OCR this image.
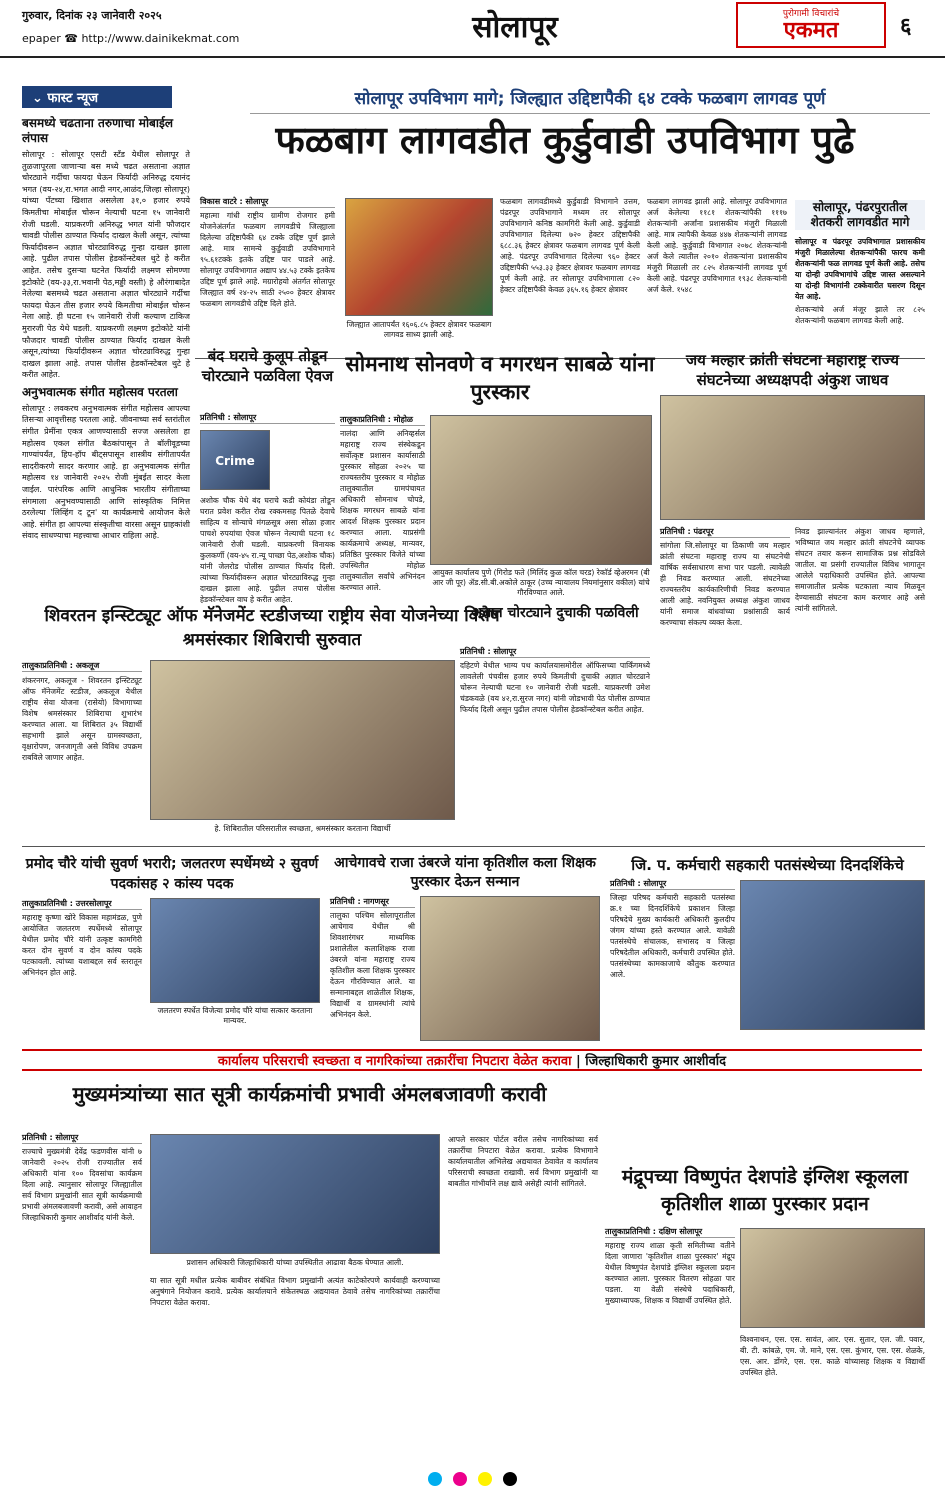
गुरुवार, दिनांक २३ जानेवारी २०२५
epaper ☎ http://www.dainikekmat.com	सोलापूर	पुरोगामी विचारांचे
एकमत	६
⌄ फास्ट न्यूज
बसमध्ये चढताना तरुणाचा मोबाईल लंपास

सोलापूर : सोलापूर एसटी स्टँड येथील सोलापूर ते तुळजापूरला जाणाऱ्या बस मध्ये चढत असताना अज्ञात चोरट्याने गर्दीचा फायदा घेऊन फिर्यादी अनिरुद्ध दयानंद भगत (वय-२४,रा.भगत आदी नगर,आळंद,जिल्हा सोलापूर) यांच्या पँटच्या खिशात असलेला ३१,० हजार रुपये किमतीचा मोबाईल चोरून नेल्याची घटना १५ जानेवारी रोजी घडली. याप्रकरणी अनिरुद्ध भगत यांनी फौजदार चावडी पोलीस ठाण्यात फिर्याद दाखल केली असून, त्यांच्या फिर्यादीवरून अज्ञात चोरट्याविरुद्ध गुन्हा दाखल झाला आहे. पुढील तपास पोलीस हेडकॉन्स्टेबल थुटे हे करीत आहेत. तसेच दुसऱ्या घटनेत फिर्यादी लक्ष्मण सोमण्णा इटोकोटे (वय-३३,रा.भवानी पेठ,मड्डी वस्ती) हे औरंगाबादेत नेलेल्या बसमध्ये चढत असताना अज्ञात चोरट्याने गर्दीचा फायदा घेऊन तीस हजार रुपये किमतीचा मोबाईल चोरून नेला आहे. ही घटना १५ जानेवारी रोजी कल्याण टाकिज मुरारजी पेठ येथे घडली. याप्रकरणी लक्ष्मण इटोकोटे यांनी फौजदार चावडी पोलीस ठाण्यात फिर्याद दाखल केली असून,त्यांच्या फिर्यादीवरून अज्ञात चोरट्याविरुद्ध गुन्हा दाखल झाला आहे. तपास पोलीस हेडकॉन्स्टेबल थुटे हे करीत आहेत.

अनुभवात्मक संगीत महोत्सव परतला

सोलापूर : लवकरच अनुभवात्मक संगीत महोत्सव आपल्या तिसऱ्या आवृत्तीसह परतला आहे. जीवनाच्या सर्व स्तरांतील संगीत प्रेमींना एकत्र आणण्यासाठी सज्ज असलेला हा महोत्सव एकल संगीत बैठकांपासून ते बॉलीवूडच्या गाण्यांपर्यंत, हिप-हॉप बीट्सपासून शास्त्रीय संगीतापर्यंत सादरीकरणे सादर करणार आहे. हा अनुभवात्मक संगीत महोत्सव १४ जानेवारी २०२५ रोजी मुंबईत सादर केला जाईल. पारंपरिक आणि आधुनिक भारतीय संगीताच्या संगमाला अनुभवण्यासाठी आणि सांस्कृतिक निमित्त ठरलेल्या 'लिव्हिंग द टून' या कार्यक्रमाचे आयोजन केले आहे. संगीत हा आपल्या संस्कृतीचा वारसा असून ग्राहकांशी संवाद साधण्याचा महत्त्वाचा आधार राहिला आहे.

सोलापूर उपविभाग मागे; जिल्ह्यात उद्दिष्टापैकी ६४ टक्के फळबाग लागवड पूर्ण
फळबाग लागवडीत कुर्डुवाडी उपविभाग पुढे
विकास वाटरे : सोलापूर
महात्मा गांधी राष्ट्रीय ग्रामीण रोजगार हमी योजनेअंतर्गत फळबाग लागवडीचे जिल्ह्याला दिलेल्या उद्दिष्टापैकी ६४ टक्के उद्दिष्ट पूर्ण झाले आहे. मात्र सामन्ये कुर्डुवाडी उपविभागाने ९५.६१टक्के इतके उद्दिष्ट पार पाडले आहे. सोलापूर उपविभागात अद्याप ४४.५३ टक्के इतकेच उद्दिष्ट पूर्ण झाले आहे. मग्रारोहयो अंतर्गत सोलापूर जिल्ह्यात वर्ष २४-२५ साठी २५०० हेक्टर क्षेत्रावर फळबाग लागवडीचे उद्दिष्ट दिले होते.
जिल्ह्यात आतापर्यंत १६०६.८५ हेक्टर क्षेत्रावर फळबाग लागवड साध्य झाली आहे.
फळबाग लागवडीमध्ये कुर्डुवाडी विभागाने उत्तम, पंढरपूर उपविभागाने मध्यम तर सोलापूर उपविभागाने कनिष्ठ कामगिरी केली आहे. कुर्डुवाडी उपविभागात दिलेल्या ७२० हेक्टर उद्दिष्टापैकी ६८८.३६ हेक्टर क्षेत्रावर फळबाग लागवड पूर्ण केली आहे. पंढरपूर उपविभागात दिलेल्या ९६० हेक्टर उद्दिष्टापैकी ५५३.३३ हेक्टर क्षेत्रावर फळबाग लागवड पूर्ण केली आहे. तर सोलापूर उपविभागाला ८२० हेक्टर उद्दिष्टापैकी केवळ ३६५.१६ हेक्टर क्षेत्रावर
फळबाग लागवड झाली आहे. सोलापूर उपविभागात अर्ज केलेल्या ११८१ शेतकऱ्यांपैकी १११७ शेतकऱ्यांनी अर्जांना प्रशासकीय मंजुरी मिळाली आहे. मात्र त्यापैकी केवळ ४४७ शेतकऱ्यांनी लागवड केली आहे. कुर्डुवाडी विभागात २०७८ शेतकऱ्यांनी अर्ज केले त्यातील २०१० शेतकऱ्यांना प्रशासकीय मंजुरी मिळाली तर ८२५ शेतकऱ्यांनी लागवड पूर्ण केली आहे. पंढरपूर उपविभागात १९३८ शेतकऱ्यांनी अर्ज केले. १५४८
सोलापूर, पंढरपुरातील शेतकरी लागवडीत मागे
सोलापूर व पंढरपूर उपविभागात प्रशासकीय मंजुरी मिळालेल्या शेतकऱ्यांपैकी फारच कमी शेतकऱ्यांनी फळ लागवड पूर्ण केली आहे. तसेच या दोन्ही उपविभागांचे उद्दिष्ट जास्त असल्याने या दोन्ही विभागांनी टक्केवारीत घसरण दिसून येत आहे.
शेतकऱ्यांचे अर्ज मंजूर झाले तर ८२५ शेतकऱ्यांनी फळबाग लागवड केली आहे.
बंद घराचे कुलूप तोडून चोरट्याने पळविला ऐवज
प्रतिनिधी : सोलापूर
Crime
अशोक चौक येथे बंद घराचे कडी कोयंडा तोडून घरात प्रवेश करीत रोख रक्कमसह पितळे देवाचे साहित्य व सोन्याचे मंगळसूत्र असा सोळा हजार पाचशे रुपयांचा ऐवज चोरून नेल्याची घटना १८ जानेवारी रोजी घडली. याप्रकरणी विनायक कुलकर्णी (वय-४५ रा.न्यू पाच्छा पेठ,अशोक चौक) यांनी जेलरोड पोलीस ठाण्यात फिर्याद दिली. त्यांच्या फिर्यादीवरून अज्ञात चोरट्याविरुद्ध गुन्हा दाखल झाला आहे. पुढील तपास पोलीस हेडकॉन्स्टेबल वाघ हे करीत आहेत.
सोमनाथ सोनवणे व मगरधन साबळे यांना पुरस्कार
तालुकाप्रतिनिधी : मोहोळ
नालंदा आणि अनिव्हर्सल महाराष्ट्र राज्य संस्थेकडून सर्वोत्कृष्ट प्रशासन कार्यासाठी पुरस्कार सोहळा २०२५ चा राज्यस्तरीय पुरस्कार व मोहोळ तालुक्यातील ग्रामपंचायत अधिकारी सोमनाथ चोपडे, शिक्षक मगरधन साबळे यांना आदर्श शिक्षक पुरस्कार प्रदान करण्यात आला. याप्रसंगी कार्यक्रमाचे अध्यक्ष, मान्यवर, प्रतिष्ठित पुरस्कार विजेते यांच्या उपस्थितीत मोहोळ तालुक्यातील सर्वांचे अभिनंदन करण्यात आले.
आयुक्त कार्यालय पुणे (गिरोड फते (मिलिंद कुळ कॉल चरड) रेकॉर्ड व्हेअरमन (बी आर जी पूर) ॲड.सी.बी.अकोले ठाकूर (उच्च न्यायालय नियमांनुसार वकील) यांचे गौरविण्यात आले.
जय मल्हार क्रांती संघटना महाराष्ट्र राज्य संघटनेच्या अध्यक्षपदी अंकुश जाधव
प्रतिनिधी : पंढरपूर
सांगोला जि.सोलापूर या ठिकाणी जय मल्हार क्रांती संघटना महाराष्ट्र राज्य या संघटनेची वार्षिक सर्वसाधारण सभा पार पडली. त्यावेळी ही निवड करण्यात आली. संघटनेच्या राज्यस्तरीय कार्यकारिणीची निवड करण्यात आली आहे. नवनियुक्त अध्यक्ष अंकुश जाधव यांनी समाज बांधवांच्या प्रश्नांसाठी कार्य करण्याचा संकल्प व्यक्त केला.
निवड झाल्यानंतर अंकुश जाधव म्हणाले, भविष्यात जय मल्हार क्रांती संघटनेचे व्यापक संघटन तयार करून सामाजिक प्रश्न सोडविले जातील. या प्रसंगी राज्यातील विविध भागातून आलेले पदाधिकारी उपस्थित होते. आपल्या समाजातील प्रत्येक घटकाला न्याय मिळवून देण्यासाठी संघटना काम करणार आहे असे त्यांनी सांगितले.
शिवरतन इन्स्टिट्यूट ऑफ मॅनेजमेंट स्टडीजच्या राष्ट्रीय सेवा योजनेच्या विशेष श्रमसंस्कार शिबिराची सुरुवात
तालुकाप्रतिनिधी : अकलूज
शंकरनगर, अकलूज - शिवरतन इन्स्टिट्यूट ऑफ मॅनेजमेंट स्टडीज, अकलूज येथील राष्ट्रीय सेवा योजना (रासेयो) विभागाच्या विशेष श्रमसंस्कार शिबिराचा शुभारंभ करण्यात आला. या शिबिरात ३५ विद्यार्थी सहभागी झाले असून ग्रामस्वच्छता, वृक्षारोपण, जनजागृती असे विविध उपक्रम राबविले जाणार आहेत.
हे. शिबिरातील परिसरातील स्वच्छता, श्रमसंस्कार करताना विद्यार्थी
अज्ञात चोरट्याने दुचाकी पळविली
प्रतिनिधी : सोलापूर
दहिटणे येथील भाग्य पथ कार्यालयासमोरील ऑफिसच्या पार्किंगमध्ये लावलेली पंचवीस हजार रुपये किमतीची दुचाकी अज्ञात चोरट्याने चोरून नेल्याची घटना १० जानेवारी रोजी घडली. याप्रकरणी उमेश चंडकवळे (वय ४२,रा.सुरज नगर) यांनी जोडभावी पेठ पोलीस ठाण्यात फिर्याद दिली असून पुढील तपास पोलीस हेडकॉन्स्टेबल करीत आहेत.
प्रमोद चौरे यांची सुवर्ण भरारी; जलतरण स्पर्धेमध्ये २ सुवर्ण पदकांसह २ कांस्य पदक
तालुकाप्रतिनिधी : उत्तरसोलापूर
महाराष्ट्र कृष्णा खोरे विकास महामंडळ, पुणे आयोजित जलतरण स्पर्धेमध्ये सोलापूर येथील प्रमोद चौरे यांनी उत्कृष्ट कामगिरी करत दोन सुवर्ण व दोन कांस्य पदके पटकावली. त्यांच्या यशाबद्दल सर्व स्तरातून अभिनंदन होत आहे.
जलतरण स्पर्धेत विजेत्या प्रमोद चौरे यांचा सत्कार करताना मान्यवर.
आचेगावचे राजा उंबरजे यांना कृतिशील कला शिक्षक पुरस्कार देऊन सन्मान
प्रतिनिधी : नागणसूर
तालुका पश्चिम सोलापूरातील आचेगाव येथील श्री शिवशारंगधर माध्यमिक प्रशालेतील कलाशिक्षक राजा उंबरजे यांना महाराष्ट्र राज्य कृतिशील कला शिक्षक पुरस्कार देऊन गौरविण्यात आले. या सन्मानाबद्दल शाळेतील शिक्षक, विद्यार्थी व ग्रामस्थांनी त्यांचे अभिनंदन केले.
जि. प. कर्मचारी सहकारी पतसंस्थेच्या दिनदर्शिकेचे
प्रतिनिधी : सोलापूर
जिल्हा परिषद कर्मचारी सहकारी पतसंस्था क्र.१ च्या दिनदर्शिकेचे प्रकाशन जिल्हा परिषदेचे मुख्य कार्यकारी अधिकारी कुलदीप जंगम यांच्या हस्ते करण्यात आले. यावेळी पतसंस्थेचे संचालक, सभासद व जिल्हा परिषदेतील अधिकारी, कर्मचारी उपस्थित होते. पतसंस्थेच्या कामकाजाचे कौतुक करण्यात आले.
कार्यालय परिसराची स्वच्छता व नागरिकांच्या तक्रारींचा निपटारा वेळेत करावा | जिल्हाधिकारी कुमार आशीर्वाद
मुख्यमंत्र्यांच्या सात सूत्री कार्यक्रमांची प्रभावी अंमलबजावणी करावी
प्रतिनिधी : सोलापूर
राज्याचे मुख्यमंत्री देवेंद्र फडणवीस यांनी ७ जानेवारी २०२५ रोजी राज्यातील सर्व अधिकारी यांना १०० दिवसांचा कार्यक्रम दिला आहे. त्यानुसार सोलापूर जिल्ह्यातील सर्व विभाग प्रमुखांनी सात सूत्री कार्यक्रमाची प्रभावी अंमलबजावणी करावी, असे आवाहन जिल्हाधिकारी कुमार आशीर्वाद यांनी केले.
प्रशासन अधिकारी जिल्हाधिकारी यांच्या उपस्थितीत आढावा बैठक घेण्यात आली.
या सात सूत्री मधील प्रत्येक बाबीवर संबंधित विभाग प्रमुखांनी अत्यंत काटेकोरपणे कार्यवाही करण्याच्या अनुषंगाने नियोजन करावे. प्रत्येक कार्यालयाने संकेतस्थळ अद्ययावत ठेवावे तसेच नागरिकांच्या तक्रारींचा निपटारा वेळेत करावा.
आपले सरकार पोर्टल वरील तसेच नागरिकांच्या सर्व तक्रारींचा निपटारा वेळेत करावा. प्रत्येक विभागाने कार्यालयातील अभिलेख अद्ययावत ठेवावेत व कार्यालय परिसराची स्वच्छता राखावी. सर्व विभाग प्रमुखांनी या बाबतीत गांभीर्याने लक्ष द्यावे असेही त्यांनी सांगितले.	मंद्रूपच्या विष्णुपंत देशपांडे इंग्लिश स्कूलला कृतिशील शाळा पुरस्कार प्रदान
तालुकाप्रतिनिधी : दक्षिण सोलापूर
महाराष्ट्र राज्य शाळा कृती समितीच्या वतीने दिला जाणारा 'कृतिशील शाळा पुरस्कार' मंद्रूप येथील विष्णुपंत देशपांडे इंग्लिश स्कूलला प्रदान करण्यात आला. पुरस्कार वितरण सोहळा पार पडला. या वेळी संस्थेचे पदाधिकारी, मुख्याध्यापक, शिक्षक व विद्यार्थी उपस्थित होते.
विश्वनाथन, एस. एस. सावंत, आर. एस. सुतार, एल. जी. पवार, बी. टी. कांबळे, एम. जे. माने, एस. एस. कुंभार, एस. एस. शेळके, एस. आर. डोंगरे, एस. एस. काळे यांच्यासह शिक्षक व विद्यार्थी उपस्थित होते.
